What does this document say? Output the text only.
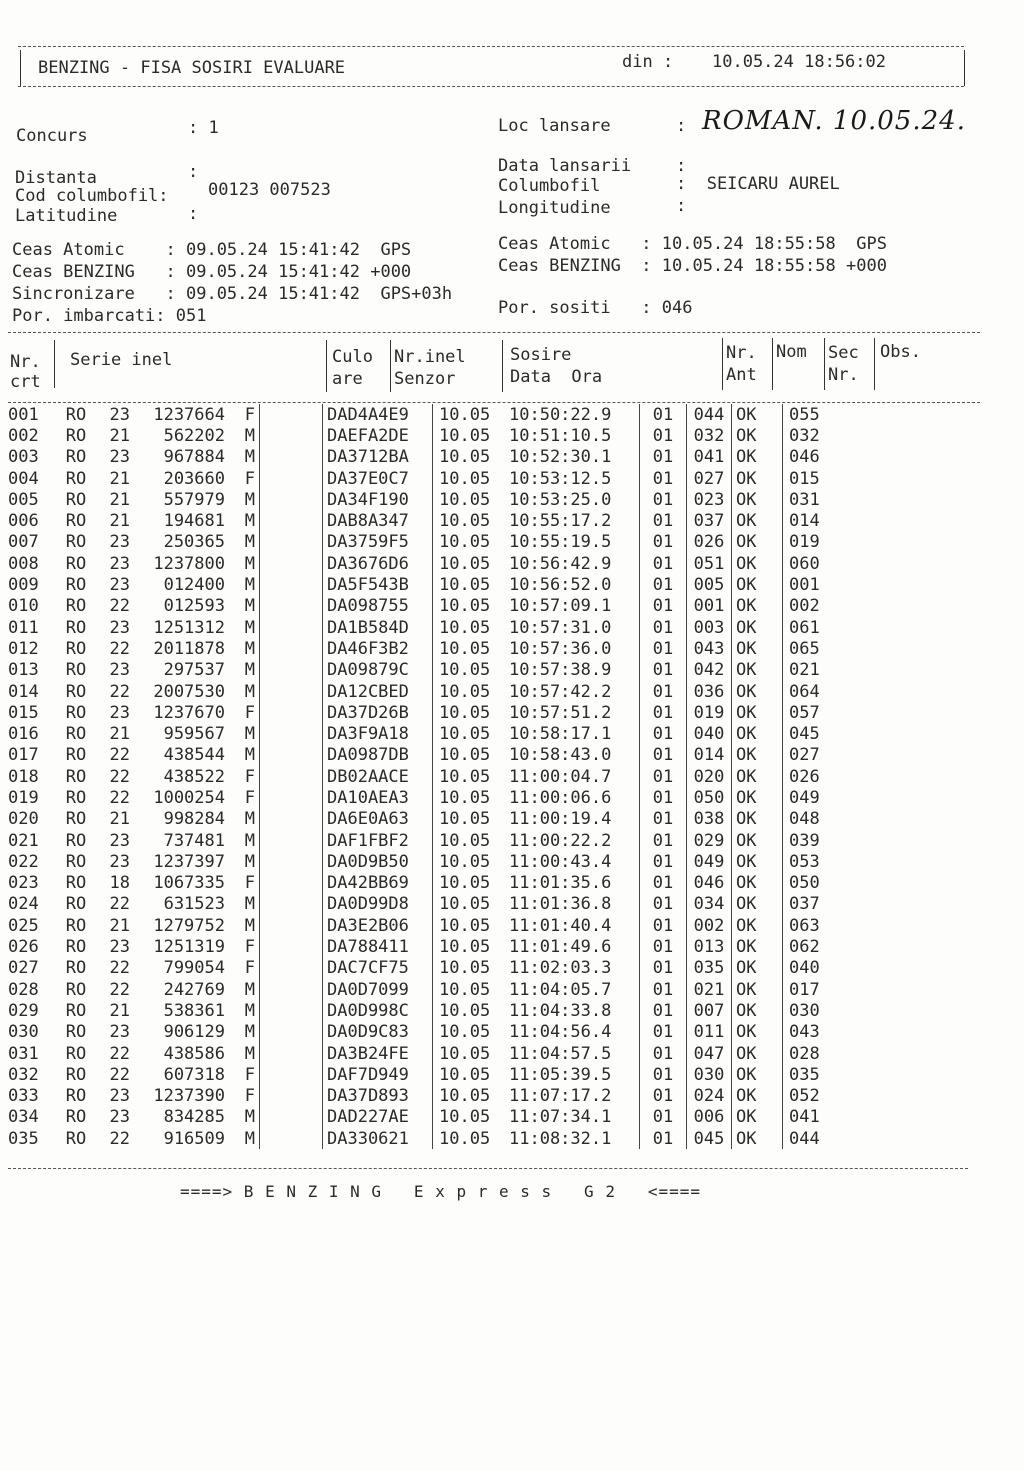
BENZING - FISA SOSIRI EVALUARE	din : 10.05.24 18:56:02
Concurs	: 1
Distanta	:
Cod columbofil: 00123 007523
Latitudine	:
Loc lansare	: ROMAN. 10.05.24.
Data lansarii	:
Columbofil	:  SEICARU AUREL
Longitudine	:
Ceas Atomic    : 09.05.24 15:41:42  GPS
Ceas BENZING   : 09.05.24 15:41:42 +000
Sincronizare   : 09.05.24 15:41:42  GPS+03h
Por. imbarcati: 051
Ceas Atomic   : 10.05.24 18:55:58  GPS
Ceas BENZING  : 10.05.24 18:55:58 +000
Por. sositi   : 046
Nr.
crt
Serie inel	Culo
are
Nr.inel
Senzor
Sosire
Data  Ora
Nr.
Ant
Nom Sec
Nr.
Obs.
001	RO	23	1237664	F		DAD4A4E9	10.05	10:50:22.9	01	044	OK	055
002	RO	21	562202	M		DAEFA2DE	10.05	10:51:10.5	01	032	OK	032
003	RO	23	967884	M		DA3712BA	10.05	10:52:30.1	01	041	OK	046
004	RO	21	203660	F		DA37E0C7	10.05	10:53:12.5	01	027	OK	015
005	RO	21	557979	M		DA34F190	10.05	10:53:25.0	01	023	OK	031
006	RO	21	194681	M		DAB8A347	10.05	10:55:17.2	01	037	OK	014
007	RO	23	250365	M		DA3759F5	10.05	10:55:19.5	01	026	OK	019
008	RO	23	1237800	M		DA3676D6	10.05	10:56:42.9	01	051	OK	060
009	RO	23	012400	M		DA5F543B	10.05	10:56:52.0	01	005	OK	001
010	RO	22	012593	M		DA098755	10.05	10:57:09.1	01	001	OK	002
011	RO	23	1251312	M		DA1B584D	10.05	10:57:31.0	01	003	OK	061
012	RO	22	2011878	M		DA46F3B2	10.05	10:57:36.0	01	043	OK	065
013	RO	23	297537	M		DA09879C	10.05	10:57:38.9	01	042	OK	021
014	RO	22	2007530	M		DA12CBED	10.05	10:57:42.2	01	036	OK	064
015	RO	23	1237670	F		DA37D26B	10.05	10:57:51.2	01	019	OK	057
016	RO	21	959567	M		DA3F9A18	10.05	10:58:17.1	01	040	OK	045
017	RO	22	438544	M		DA0987DB	10.05	10:58:43.0	01	014	OK	027
018	RO	22	438522	F		DB02AACE	10.05	11:00:04.7	01	020	OK	026
019	RO	22	1000254	F		DA10AEA3	10.05	11:00:06.6	01	050	OK	049
020	RO	21	998284	M		DA6E0A63	10.05	11:00:19.4	01	038	OK	048
021	RO	23	737481	M		DAF1FBF2	10.05	11:00:22.2	01	029	OK	039
022	RO	23	1237397	M		DA0D9B50	10.05	11:00:43.4	01	049	OK	053
023	RO	18	1067335	F		DA42BB69	10.05	11:01:35.6	01	046	OK	050
024	RO	22	631523	M		DA0D99D8	10.05	11:01:36.8	01	034	OK	037
025	RO	21	1279752	M		DA3E2B06	10.05	11:01:40.4	01	002	OK	063
026	RO	23	1251319	F		DA788411	10.05	11:01:49.6	01	013	OK	062
027	RO	22	799054	F		DAC7CF75	10.05	11:02:03.3	01	035	OK	040
028	RO	22	242769	M		DA0D7099	10.05	11:04:05.7	01	021	OK	017
029	RO	21	538361	M		DA0D998C	10.05	11:04:33.8	01	007	OK	030
030	RO	23	906129	M		DA0D9C83	10.05	11:04:56.4	01	011	OK	043
031	RO	22	438586	M		DA3B24FE	10.05	11:04:57.5	01	047	OK	028
032	RO	22	607318	F		DAF7D949	10.05	11:05:39.5	01	030	OK	035
033	RO	23	1237390	F		DA37D893	10.05	11:07:17.2	01	024	OK	052
034	RO	23	834285	M		DAD227AE	10.05	11:07:34.1	01	006	OK	041
035	RO	22	916509	M		DA330621	10.05	11:08:32.1	01	045	OK	044
====> B E N Z I N G   E x p r e s s   G 2   <====
